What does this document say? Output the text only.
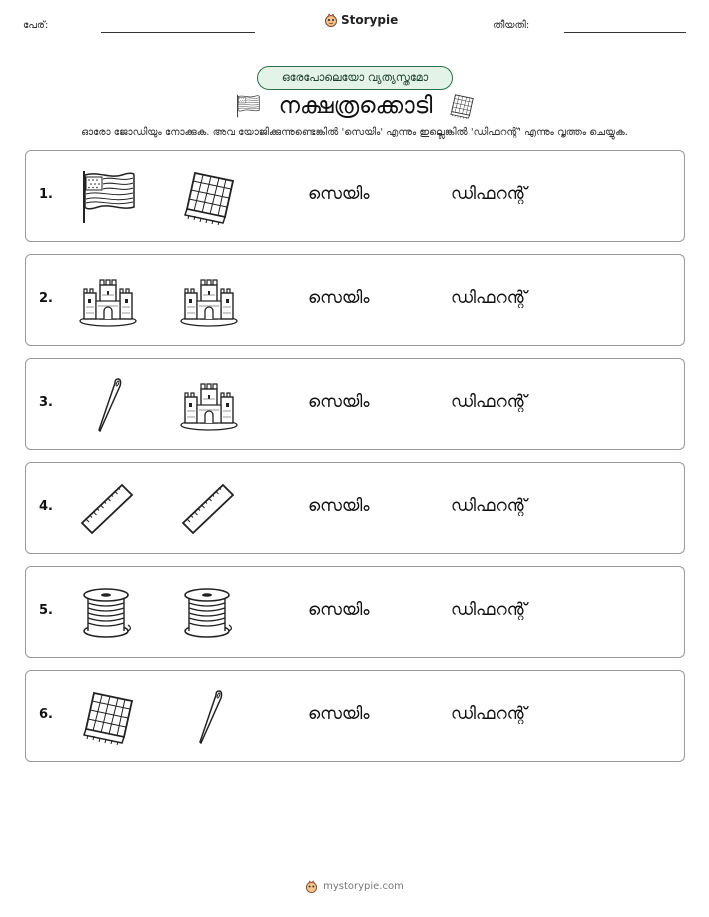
പേര്:	Storypie	തീയതി:
ഒരേപോലെയോ വ്യത്യസ്തമോ
നക്ഷത്രക്കൊടി
ഓരോ ജോഡിയും നോക്കുക. അവ യോജിക്കുന്നുണ്ടെങ്കിൽ 'സെയിം' എന്നും ഇല്ലെങ്കിൽ 'ഡിഫറന്റ്' എന്നും വൃത്തം ചെയ്യുക.
1.	സെയിം	ഡിഫറന്റ്
2.	സെയിം	ഡിഫറന്റ്
3.	സെയിം	ഡിഫറന്റ്
4.	സെയിം	ഡിഫറന്റ്
5.	സെയിം	ഡിഫറന്റ്
6.	സെയിം	ഡിഫറന്റ്
mystorypie.com
